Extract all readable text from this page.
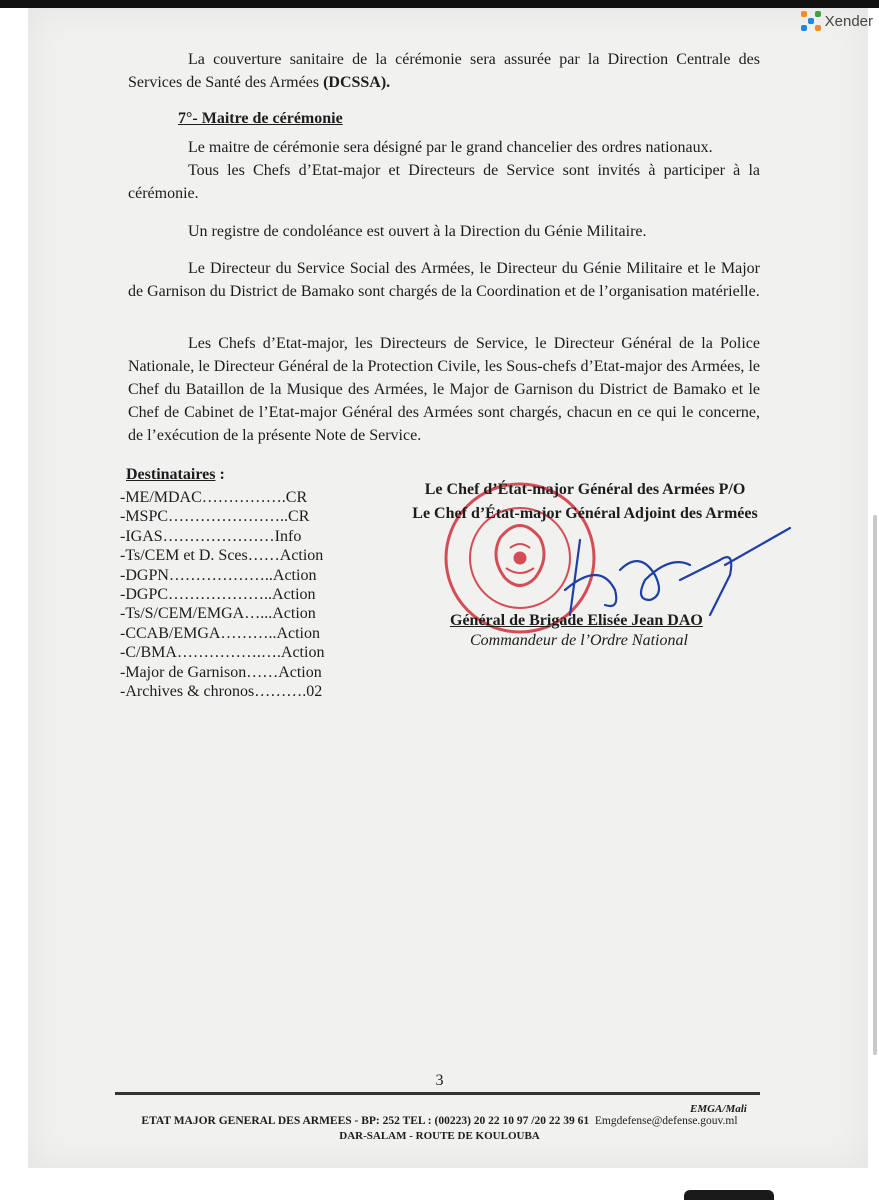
Xender
La couverture sanitaire de la cérémonie sera assurée par la Direction Centrale des Services de Santé des Armées (DCSSA).
7°- Maitre de cérémonie
Le maitre de cérémonie sera désigné par le grand chancelier des ordres nationaux.
Tous les Chefs d’Etat-major et Directeurs de Service sont invités à participer à la cérémonie.
Un registre de condoléance est ouvert à la Direction du Génie Militaire.
Le Directeur du Service Social des Armées, le Directeur du Génie Militaire et le Major de Garnison du District de Bamako sont chargés de la Coordination et de l’organisation matérielle.
Les Chefs d’Etat-major, les Directeurs de Service, le Directeur Général de la Police Nationale, le Directeur Général de la Protection Civile, les Sous-chefs d’Etat-major des Armées, le Chef du Bataillon de la Musique des Armées, le Major de Garnison du District de Bamako et le Chef de Cabinet de l’Etat-major Général des Armées sont chargés, chacun en ce qui le concerne, de l’exécution de la présente Note de Service.
Destinataires :
-ME/MDAC…………….CR
-MSPC…………………..CR
-IGAS…………………Info
-Ts/CEM et D. Sces……Action
-DGPN………………..Action
-DGPC………………..Action
-Ts/S/CEM/EMGA…...Action
-CCAB/EMGA………..Action
-C/BMA…………….….Action
-Major de Garnison……Action
-Archives & chronos……….02
Le Chef d’État-major Général des Armées P/O
Le Chef d’État-major Général Adjoint des Armées
Général de Brigade Elisée Jean DAO
Commandeur de l’Ordre National
3
EMGA/Mali
ETAT MAJOR GENERAL DES ARMEES - BP: 252 TEL : (00223) 20 22 10 97 /20 22 39 61 Emgdefense@defense.gouv.ml
DAR-SALAM - ROUTE DE KOULOUBA
